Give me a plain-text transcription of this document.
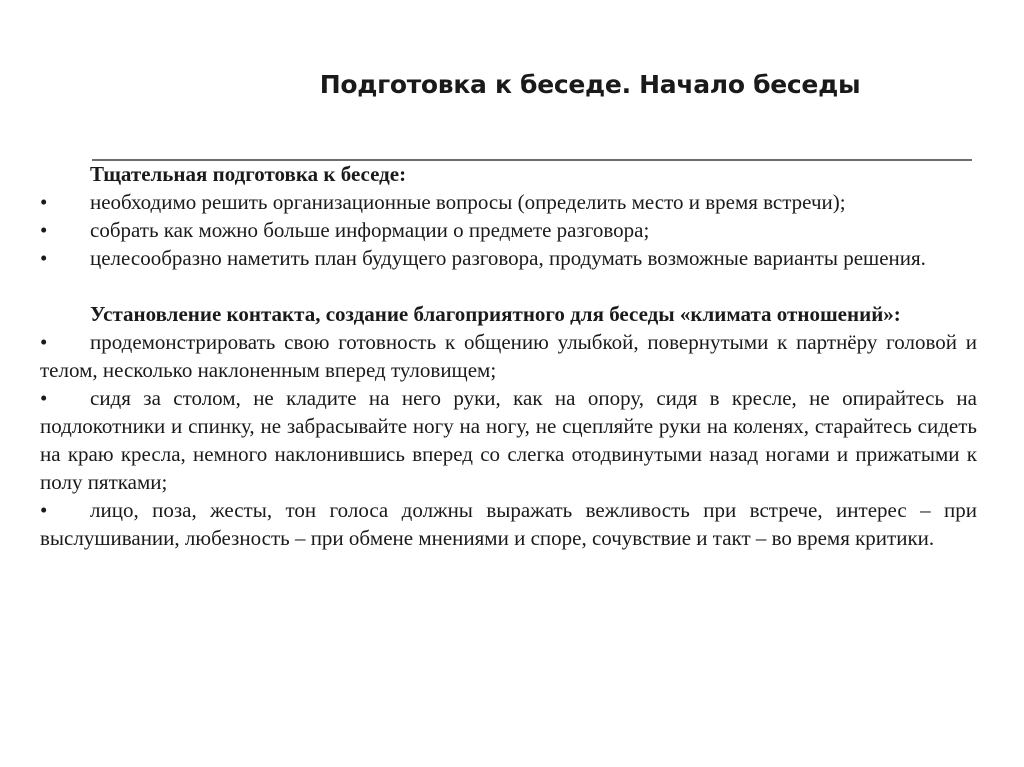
Подготовка к беседе. Начало беседы

Тщательная подготовка к беседе:

• необходимо решить организационные вопросы (определить место и время встречи);

• собрать как можно больше информации о предмете разговора;

• целесообразно наметить план будущего разговора, продумать возможные варианты решения.

Установление контакта, создание благоприятного для беседы «климата отношений»:

• продемонстрировать свою готовность к общению улыбкой, повернутыми к партнёру головой и телом, несколько наклоненным вперед туловищем;

• сидя за столом, не кладите на него руки, как на опору, сидя в кресле, не опирайтесь на подлокотники и спинку, не забрасывайте ногу на ногу, не сцепляйте руки на коленях, старайтесь сидеть на краю кресла, немного наклонившись вперед со слегка отодвинутыми назад ногами и прижатыми к полу пятками;

• лицо, поза, жесты, тон голоса должны выражать вежливость при встрече, интерес – при выслушивании, любезность – при обмене мнениями и споре, сочувствие и такт – во время критики.
